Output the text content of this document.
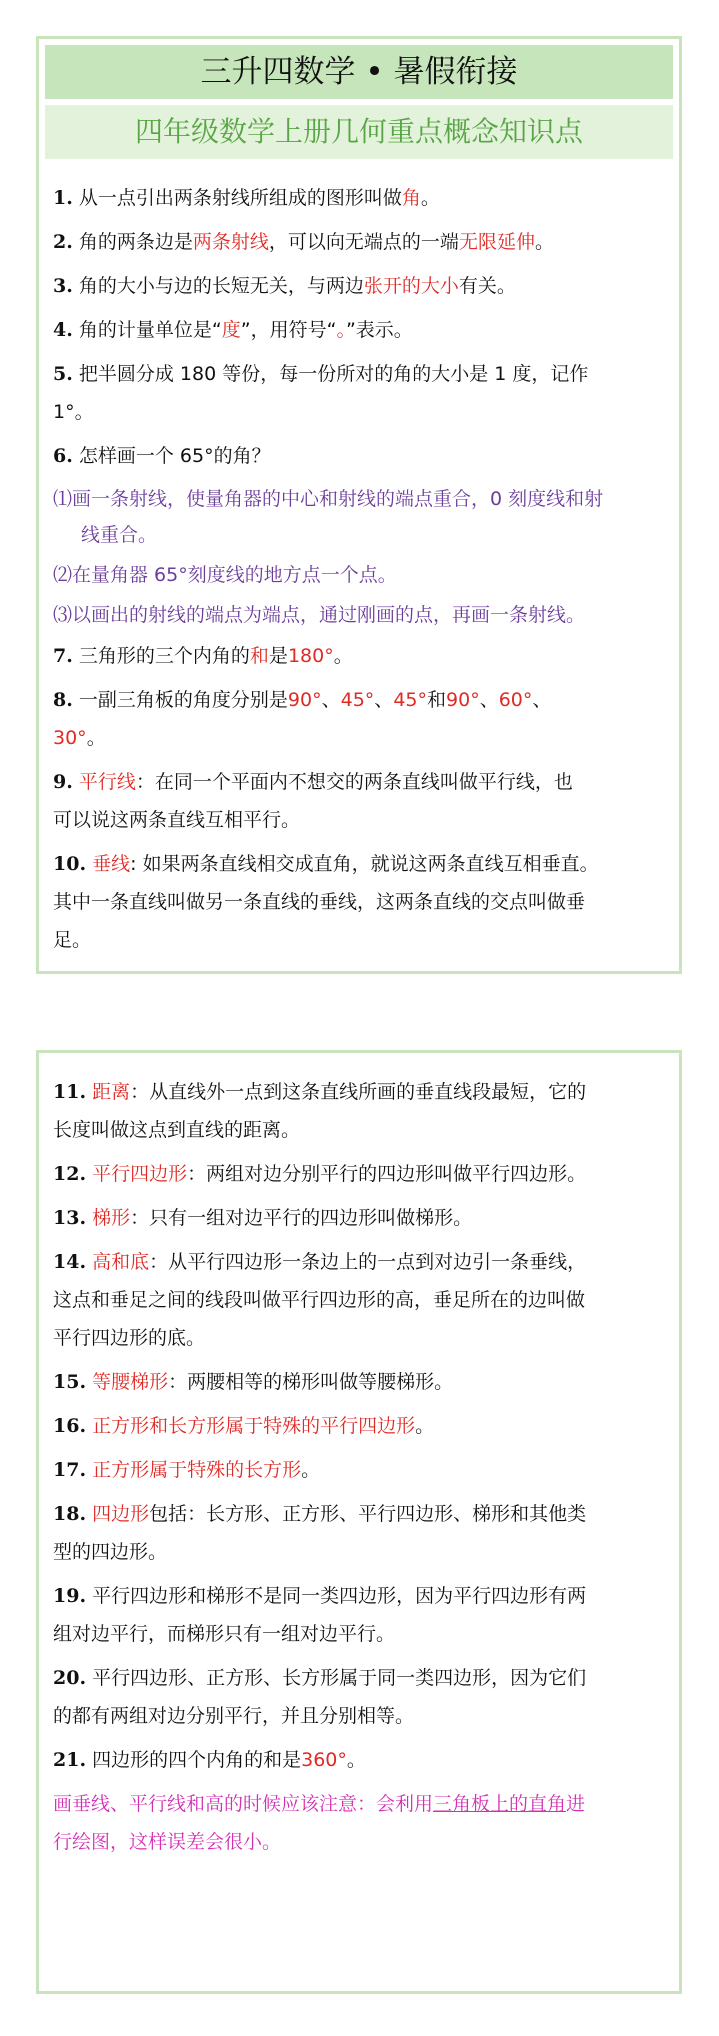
三升四数学 • 暑假衔接
四年级数学上册几何重点概念知识点
1. 从一点引出两条射线所组成的图形叫做角。
2. 角的两条边是两条射线，可以向无端点的一端无限延伸。
3. 角的大小与边的长短无关，与两边张开的大小有关。
4. 角的计量单位是“度”，用符号“。”表示。
5. 把半圆分成 180 等份，每一份所对的角的大小是 1 度，记作
1°。
6. 怎样画一个 65°的角？
⑴画一条射线，使量角器的中心和射线的端点重合，0 刻度线和射

线重合。
⑵在量角器 65°刻度线的地方点一个点。
⑶以画出的射线的端点为端点，通过刚画的点，再画一条射线。
7. 三角形的三个内角的和是180°。
8. 一副三角板的角度分别是90°、45°、45°和90°、60°、
30°。
9. 平行线：在同一个平面内不想交的两条直线叫做平行线，也
可以说这两条直线互相平行。
10. 垂线: 如果两条直线相交成直角，就说这两条直线互相垂直。
其中一条直线叫做另一条直线的垂线，这两条直线的交点叫做垂
足。
11. 距离：从直线外一点到这条直线所画的垂直线段最短，它的
长度叫做这点到直线的距离。
12. 平行四边形：两组对边分别平行的四边形叫做平行四边形。
13. 梯形：只有一组对边平行的四边形叫做梯形。
14. 高和底：从平行四边形一条边上的一点到对边引一条垂线，
这点和垂足之间的线段叫做平行四边形的高，垂足所在的边叫做
平行四边形的底。
15. 等腰梯形：两腰相等的梯形叫做等腰梯形。
16. 正方形和长方形属于特殊的平行四边形。
17. 正方形属于特殊的长方形。
18. 四边形包括：长方形、正方形、平行四边形、梯形和其他类
型的四边形。
19. 平行四边形和梯形不是同一类四边形，因为平行四边形有两
组对边平行，而梯形只有一组对边平行。
20. 平行四边形、正方形、长方形属于同一类四边形，因为它们
的都有两组对边分别平行，并且分别相等。
21. 四边形的四个内角的和是360°。
画垂线、平行线和高的时候应该注意：会利用三角板上的直角进
行绘图，这样误差会很小。
